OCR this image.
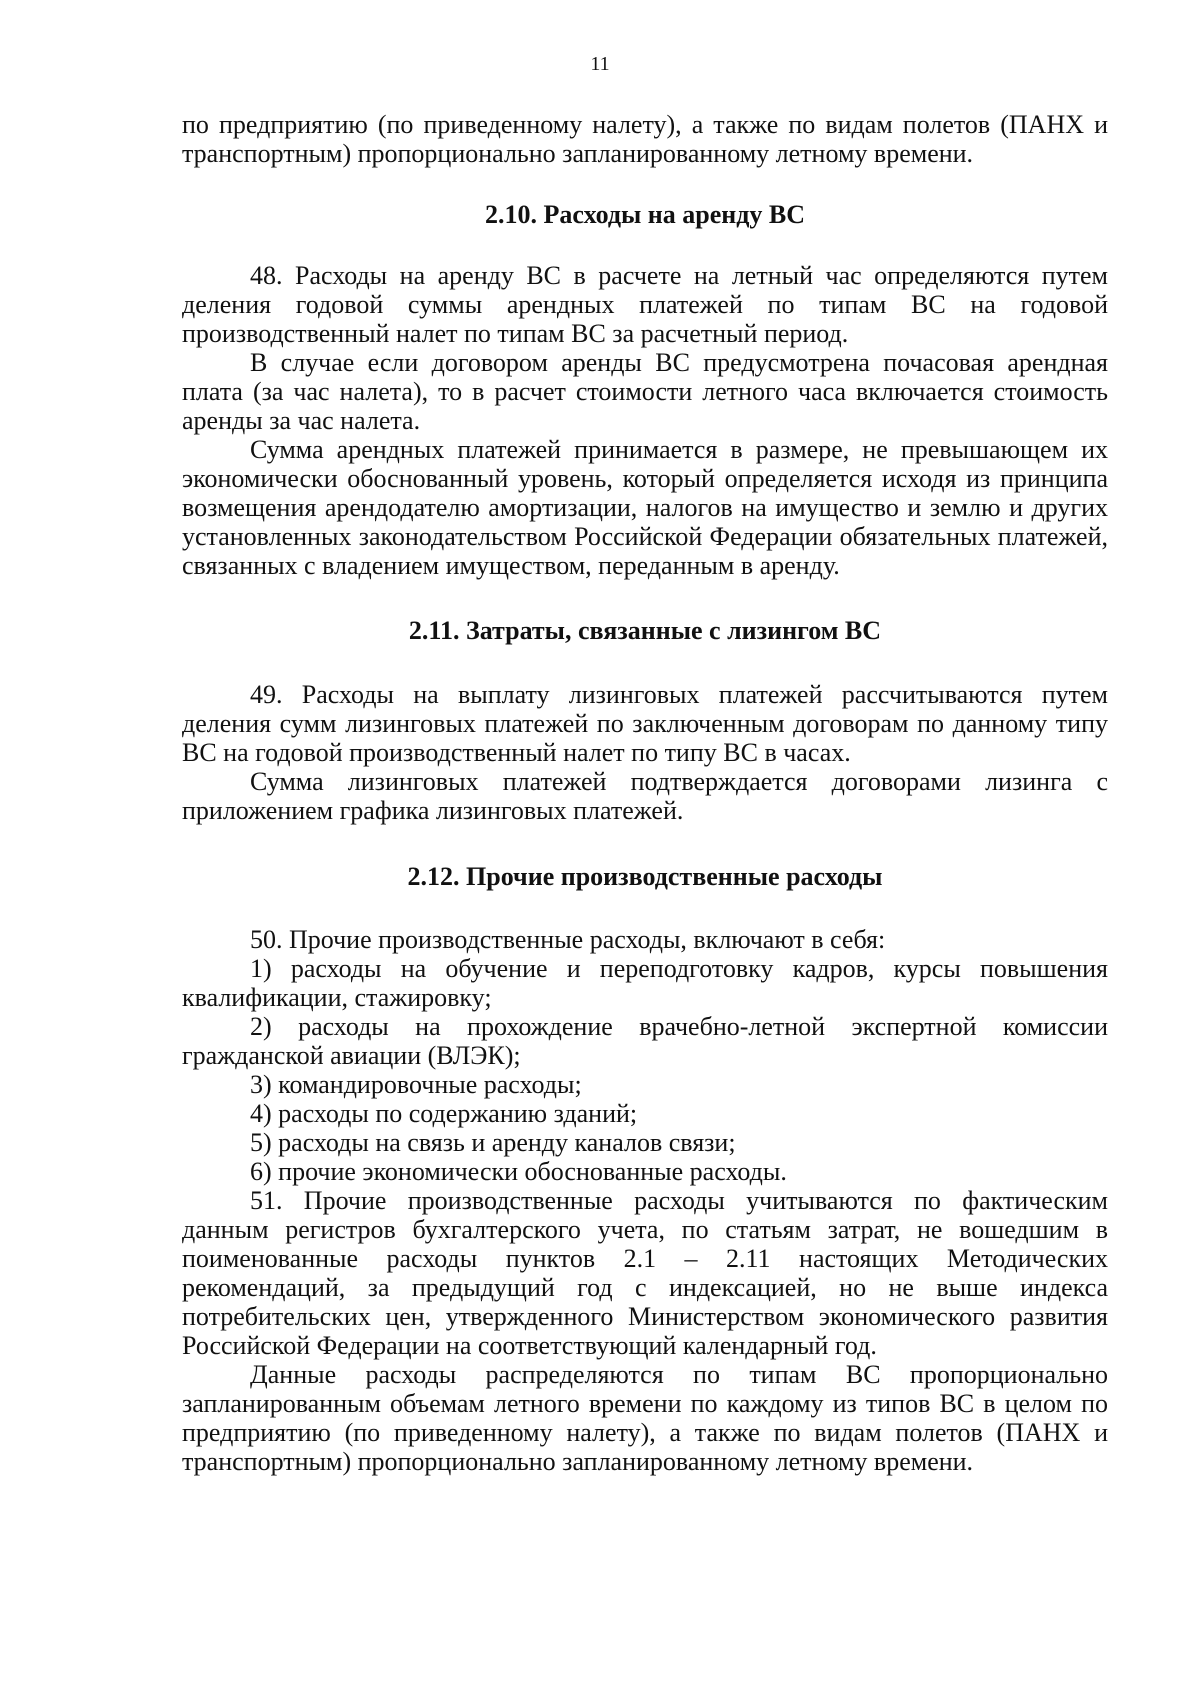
11

по предприятию (по приведенному налету), а также по видам полетов (ПАНХ и транспортным) пропорционально запланированному летному времени.

2.10. Расходы на аренду ВС

48. Расходы на аренду ВС в расчете на летный час определяются путем деления годовой суммы арендных платежей по типам ВС на годовой производственный налет по типам ВС за расчетный период.

В случае если договором аренды ВС предусмотрена почасовая арендная плата (за час налета), то в расчет стоимости летного часа включается стоимость аренды за час налета.

Сумма арендных платежей принимается в размере, не превышающем их экономически обоснованный уровень, который определяется исходя из принципа возмещения арендодателю амортизации, налогов на имущество и землю и других установленных законодательством Российской Федерации обязательных платежей, связанных с владением имуществом, переданным в аренду.

2.11. Затраты, связанные с лизингом ВС

49. Расходы на выплату лизинговых платежей рассчитываются путем деления сумм лизинговых платежей по заключенным договорам по данному типу ВС на годовой производственный налет по типу ВС в часах.

Сумма лизинговых платежей подтверждается договорами лизинга с приложением графика лизинговых платежей.

2.12. Прочие производственные расходы

50. Прочие производственные расходы, включают в себя:

1) расходы на обучение и переподготовку кадров, курсы повышения квалификации, стажировку;

2) расходы на прохождение врачебно-летной экспертной комиссии гражданской авиации (ВЛЭК);

3) командировочные расходы;

4) расходы по содержанию зданий;

5) расходы на связь и аренду каналов связи;

6) прочие экономически обоснованные расходы.

51. Прочие производственные расходы учитываются по фактическим данным регистров бухгалтерского учета, по статьям затрат, не вошедшим в поименованные расходы пунктов 2.1 – 2.11 настоящих Методических рекомендаций, за предыдущий год с индексацией, но не выше индекса потребительских цен, утвержденного Министерством экономического развития Российской Федерации на соответствующий календарный год.

Данные расходы распределяются по типам ВС пропорционально запланированным объемам летного времени по каждому из типов ВС в целом по предприятию (по приведенному налету), а также по видам полетов (ПАНХ и транспортным) пропорционально запланированному летному времени.
